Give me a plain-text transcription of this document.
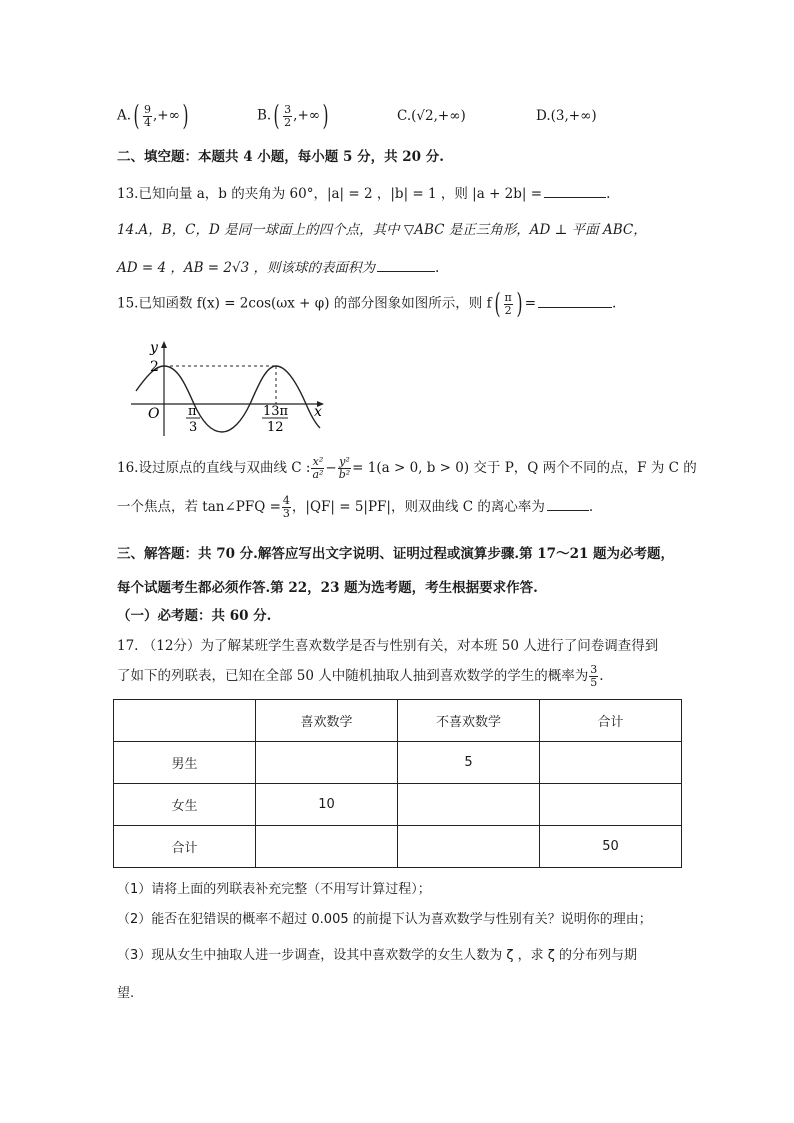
$A.( \frac{9}{4}$ ,+∞)	$B.( \frac{3}{2}$ ,+∞)	C.(√2,+∞)	D.(3,+∞)
二、填空题：本题共 4 小题，每小题 5 分，共 20 分.
13.已知向量 a，b 的夹角为 60°，|a| = 2 ，|b| = 1 ，则 |a + 2b| =	.
14.A，B，C，D 是同一球面上的四个点，其中 ▽ABC 是正三角形，AD ⊥ 平面 ABC，
AD = 4 ，AB = 2√3 ，则该球的表面积为	.
15.已知函数 f(x) = 2cos(ωx + φ) 的部分图象如图所示，则 $f( \frac{\pi}{2}$ ) =	.
y
2
O	x
π
3
13π
12
16.设过原点的直线与双曲线 C : $\frac{\text{x²}}{\text{a²}} - \frac{\text{y²}}{\text{b²}} = 1(a > 0$, b > 0) 交于 P，Q 两个不同的点，F 为 C 的
一个焦点，若 tan∠PFQ = $\frac{4}{3}$ ，|QF| = 5|PF|，则双曲线 C 的离心率为	.
三、解答题：共 70 分.解答应写出文字说明、证明过程或演算步骤.第 17～21 题为必考题，
每个试题考生都必须作答.第 22，23 题为选考题，考生根据要求作答.
（一）必考题：共 60 分.
17. （12分）为了解某班学生喜欢数学是否与性别有关，对本班 50 人进行了问卷调查得到
了如下的列联表，已知在全部 50 人中随机抽取人抽到喜欢数学的学生的概率为 $\frac{3}{5}$ .
	喜欢数学	不喜欢数学	合计
男生		5	
女生	10		
合计			50
（1）请将上面的列联表补充完整（不用写计算过程）；
（2）能否在犯错误的概率不超过 0.005 的前提下认为喜欢数学与性别有关？说明你的理由；
（3）现从女生中抽取人进一步调查，设其中喜欢数学的女生人数为 ζ ，求 ζ 的分布列与期
望.
